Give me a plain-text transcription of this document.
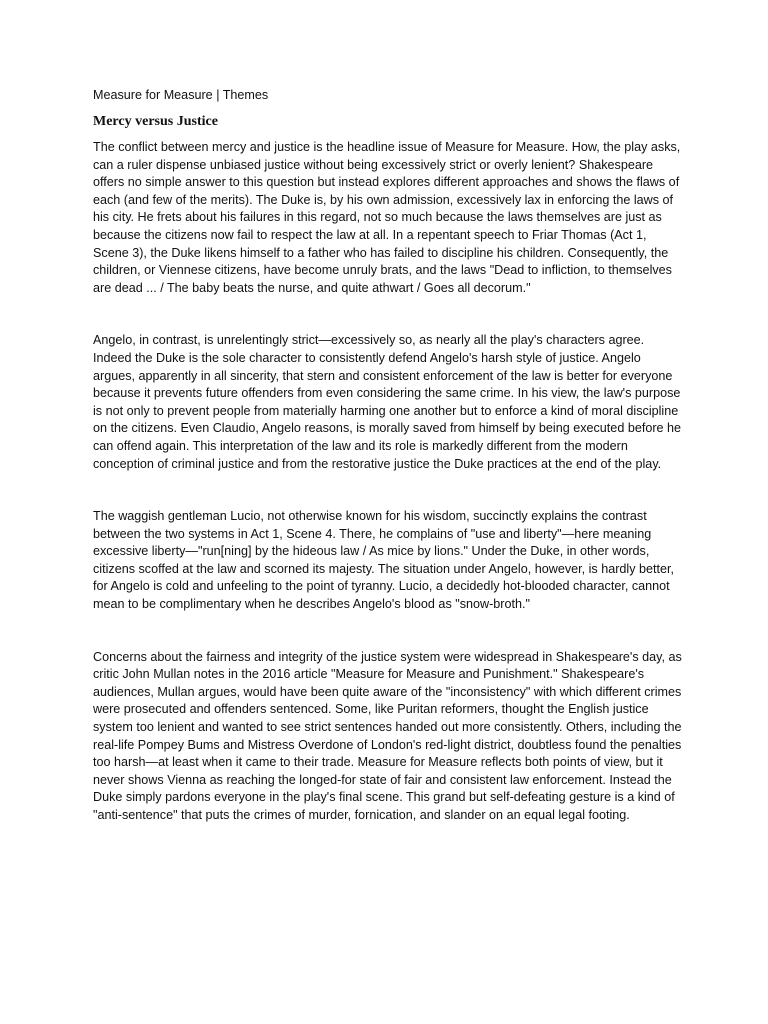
Measure for Measure | Themes

Mercy versus Justice

The conflict between mercy and justice is the headline issue of Measure for Measure. How, the play asks, can a ruler dispense unbiased justice without being excessively strict or overly lenient? Shakespeare offers no simple answer to this question but instead explores different approaches and shows the flaws of each (and few of the merits). The Duke is, by his own admission, excessively lax in enforcing the laws of his city. He frets about his failures in this regard, not so much because the laws themselves are just as because the citizens now fail to respect the law at all. In a repentant speech to Friar Thomas (Act 1, Scene 3), the Duke likens himself to a father who has failed to discipline his children. Consequently, the children, or Viennese citizens, have become unruly brats, and the laws "Dead to infliction, to themselves are dead ... / The baby beats the nurse, and quite athwart / Goes all decorum."

Angelo, in contrast, is unrelentingly strict—excessively so, as nearly all the play's characters agree. Indeed the Duke is the sole character to consistently defend Angelo's harsh style of justice. Angelo argues, apparently in all sincerity, that stern and consistent enforcement of the law is better for everyone because it prevents future offenders from even considering the same crime. In his view, the law's purpose is not only to prevent people from materially harming one another but to enforce a kind of moral discipline on the citizens. Even Claudio, Angelo reasons, is morally saved from himself by being executed before he can offend again. This interpretation of the law and its role is markedly different from the modern conception of criminal justice and from the restorative justice the Duke practices at the end of the play.

The waggish gentleman Lucio, not otherwise known for his wisdom, succinctly explains the contrast between the two systems in Act 1, Scene 4. There, he complains of "use and liberty"—here meaning excessive liberty—"run[ning] by the hideous law / As mice by lions." Under the Duke, in other words, citizens scoffed at the law and scorned its majesty. The situation under Angelo, however, is hardly better, for Angelo is cold and unfeeling to the point of tyranny. Lucio, a decidedly hot-blooded character, cannot mean to be complimentary when he describes Angelo's blood as "snow-broth."

Concerns about the fairness and integrity of the justice system were widespread in Shakespeare's day, as critic John Mullan notes in the 2016 article "Measure for Measure and Punishment." Shakespeare's audiences, Mullan argues, would have been quite aware of the "inconsistency" with which different crimes were prosecuted and offenders sentenced. Some, like Puritan reformers, thought the English justice system too lenient and wanted to see strict sentences handed out more consistently. Others, including the real-life Pompey Bums and Mistress Overdone of London's red-light district, doubtless found the penalties too harsh—at least when it came to their trade. Measure for Measure reflects both points of view, but it never shows Vienna as reaching the longed-for state of fair and consistent law enforcement. Instead the Duke simply pardons everyone in the play's final scene. This grand but self-defeating gesture is a kind of "anti-sentence" that puts the crimes of murder, fornication, and slander on an equal legal footing.
